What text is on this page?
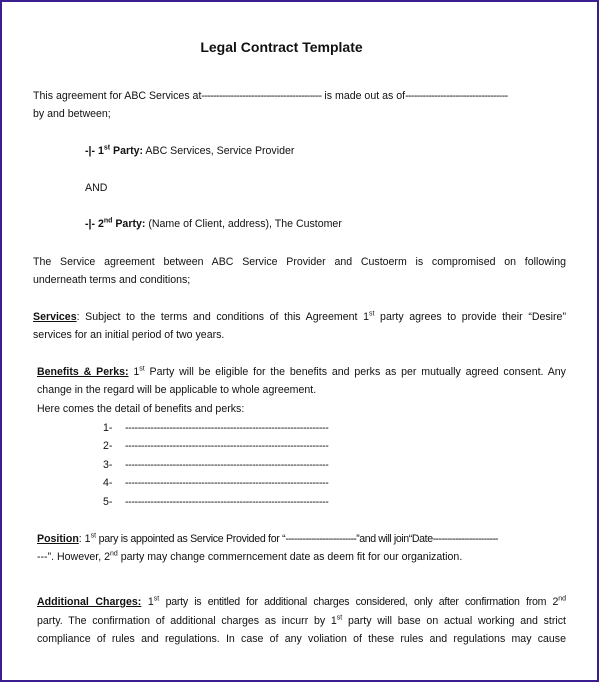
Legal Contract Template
This agreement for ABC Services at----------------------------------------- is made out as of-----------------------------------
by and between;
-|- 1st Party: ABC Services, Service Provider
AND
-|- 2nd Party: (Name of Client, address), The Customer
The Service agreement between ABC Service Provider and Custoerm is compromised on following
underneath terms and conditions;
Services: Subject to the terms and conditions of this Agreement 1st party agrees to provide their “Desire”
services for an initial period of two years.
Benefits & Perks: 1st Party will be eligible for the benefits and perks as per mutually agreed consent. Any
change in the regard will be applicable to whole agreement.
Here comes the detail of benefits and perks:
1- ----------------------------------------------------------------
2- ----------------------------------------------------------------
3- ----------------------------------------------------------------
4- ----------------------------------------------------------------
5- ----------------------------------------------------------------
Position: 1st pary is appointed as Service Provided for “-------------------------”and will join“Date-----------------------
---”. However, 2nd party may change commerncement date as deem fit for our organization.
Additional Charges: 1st party is entitled for additional charges considered, only after confirmation from 2nd
party. The confirmation of additional charges as incurr by 1st party will base on actual working and strict
compliance of rules and regulations. In case of any voliation of these rules and regulations may cause
